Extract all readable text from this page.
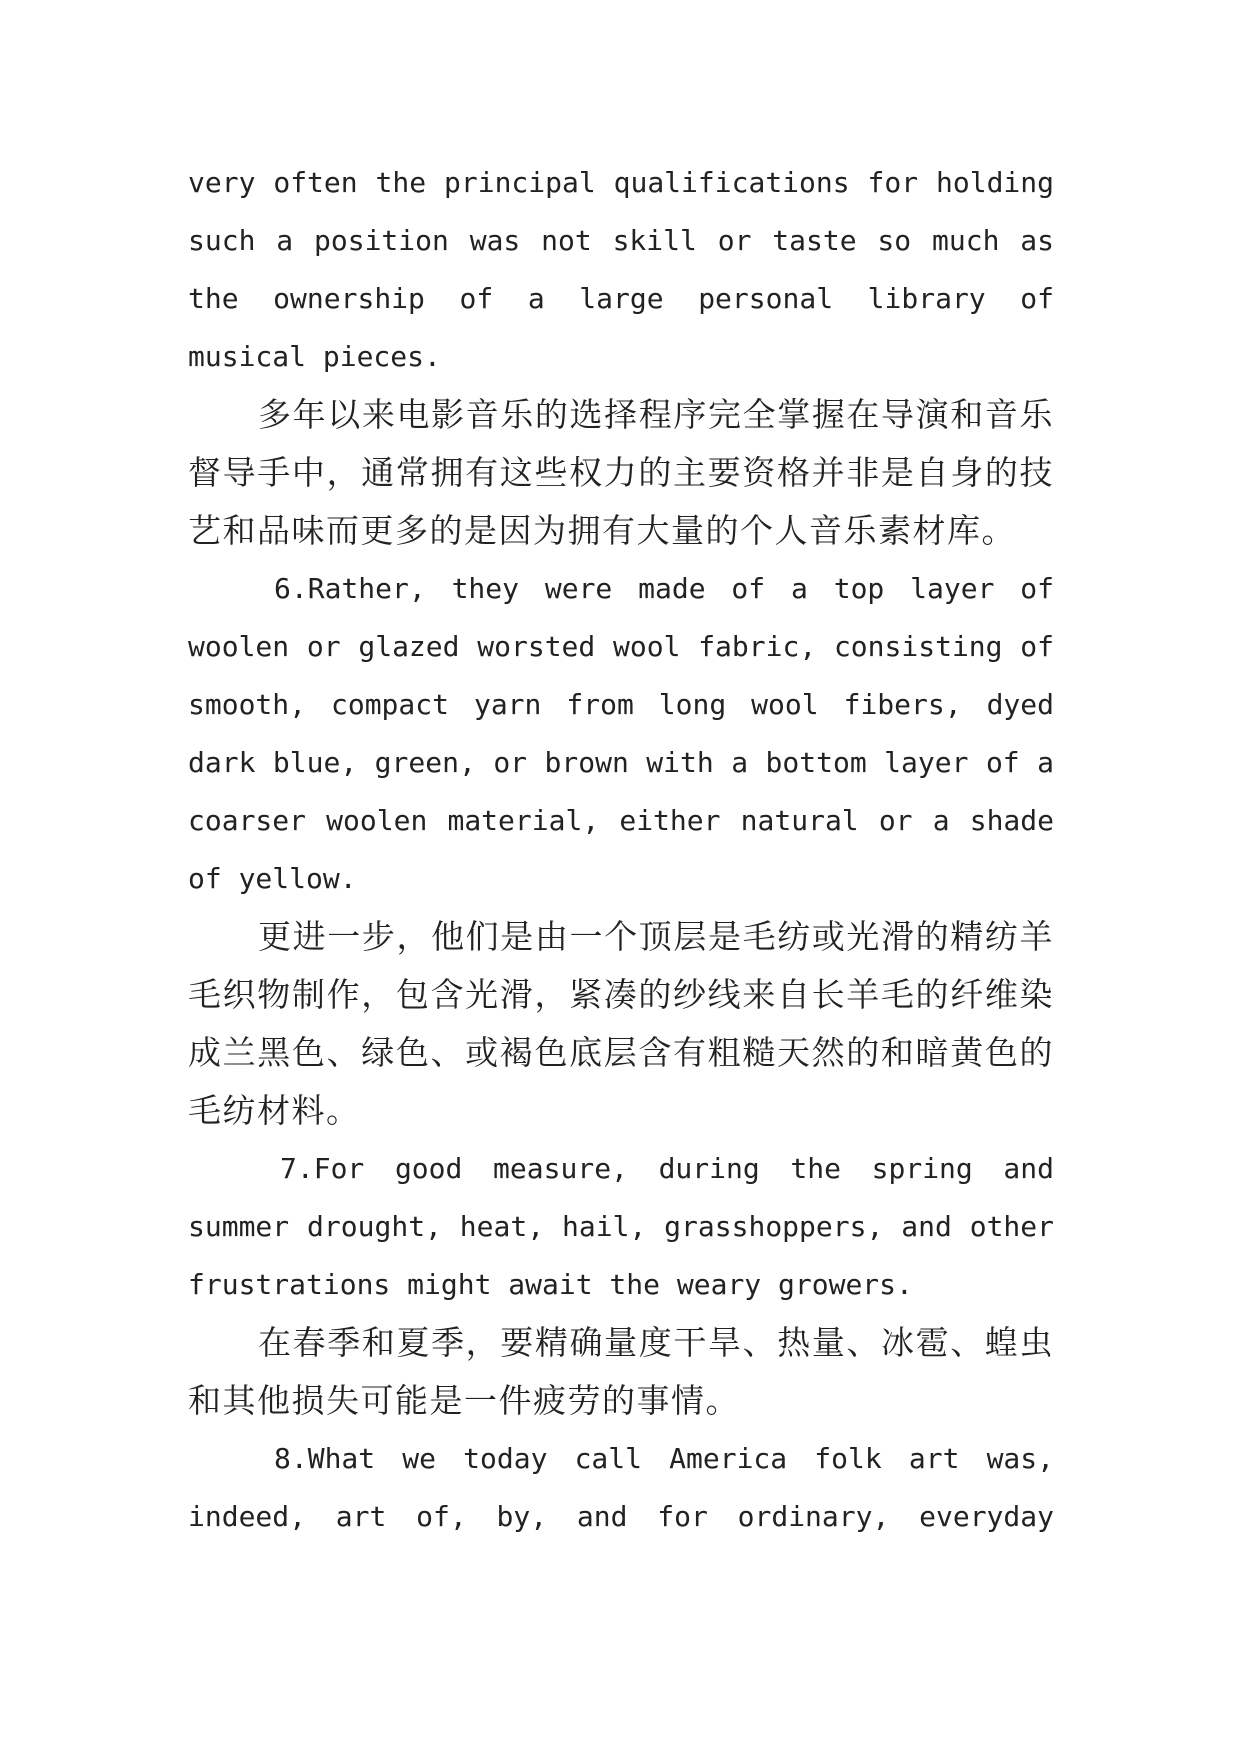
very often the principal qualifications for holding such a position was not skill or taste so much as the ownership of a large personal library of musical pieces.

多年以来电影音乐的选择程序完全掌握在导演和音乐督导手中，通常拥有这些权力的主要资格并非是自身的技艺和品味而更多的是因为拥有大量的个人音乐素材库。

6.Rather, they were made of a top layer of woolen or glazed worsted wool fabric, consisting of smooth, compact yarn from long wool fibers, dyed dark blue, green, or brown with a bottom layer of a coarser woolen material, either natural or a shade of yellow.

更进一步，他们是由一个顶层是毛纺或光滑的精纺羊毛织物制作，包含光滑，紧凑的纱线来自长羊毛的纤维染成兰黑色、绿色、或褐色底层含有粗糙天然的和暗黄色的毛纺材料。

7.For good measure, during the spring and summer drought, heat, hail, grasshoppers, and other frustrations might await the weary growers.

在春季和夏季，要精确量度干旱、热量、冰雹、蝗虫和其他损失可能是一件疲劳的事情。

8.What we today call America folk art was, indeed, art of, by, and for ordinary, everyday
